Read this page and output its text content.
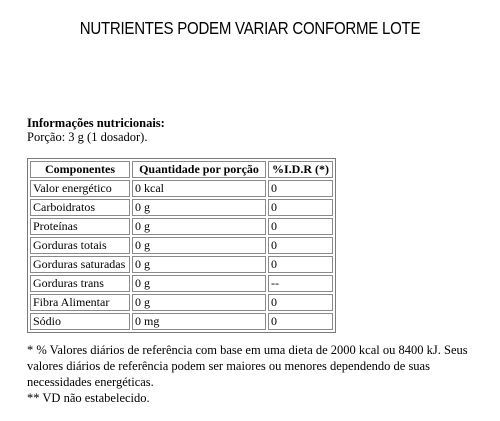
NUTRIENTES PODEM VARIAR CONFORME LOTE
Informações nutricionais:
Porção: 3 g (1 dosador).
Componentes	Quantidade por porção	%I.D.R (*)
Valor energético	0 kcal	0
Carboidratos	0 g	0
Proteínas	0 g	0
Gorduras totais	0 g	0
Gorduras saturadas	0 g	0
Gorduras trans	0 g	--
Fibra Alimentar	0 g	0
Sódio	0 mg	0

* % Valores diários de referência com base em uma dieta de 2000 kcal ou 8400 kJ. Seus valores diários de referência podem ser maiores ou menores dependendo de suas necessidades energéticas.

** VD não estabelecido.
